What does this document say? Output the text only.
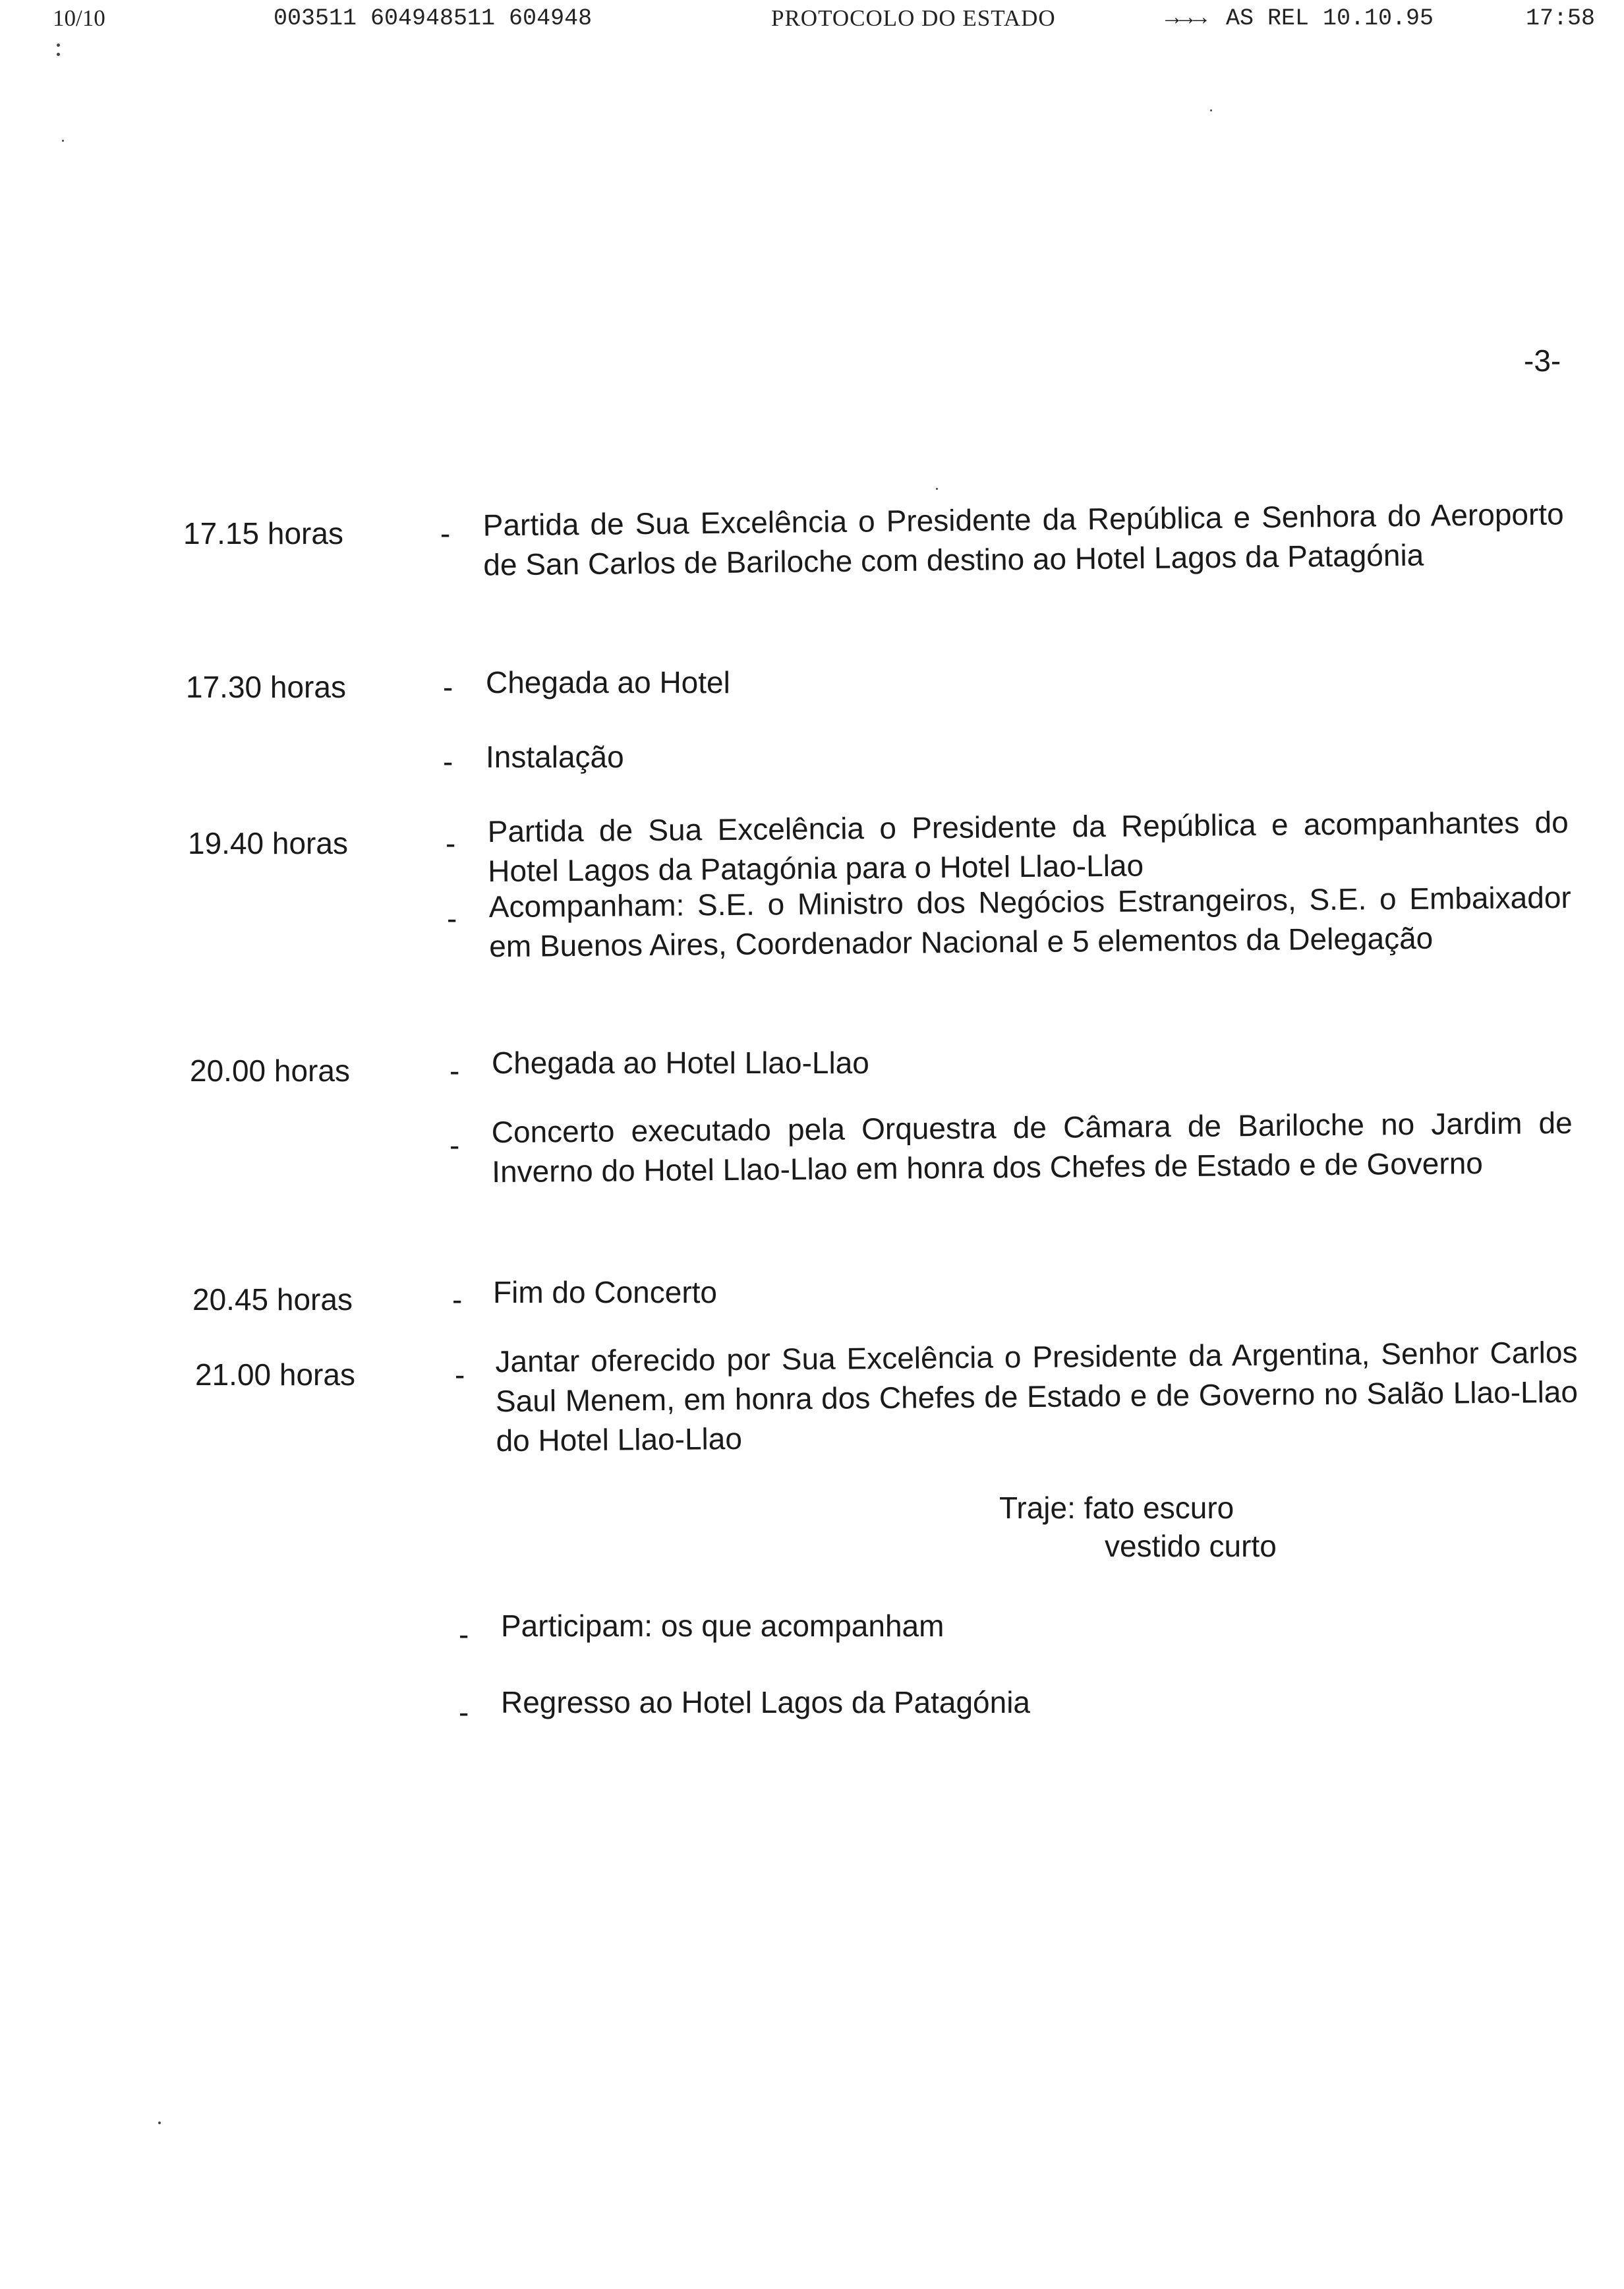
10/10	003511 604948511 604948	PROTOCOLO DO ESTADO	→→→ AS REL 10.10.95	17:58
-3-
17.15 horas	- Partida de Sua Excelência o Presidente da República e Senhora do Aeroporto de San Carlos de Bariloche com destino ao Hotel Lagos da Patagónia
17.30 horas	- Chegada ao Hotel
- Instalação
19.40 horas	- Partida de Sua Excelência o Presidente da República e acompanhantes do Hotel Lagos da Patagónia para o Hotel Llao-Llao
- Acompanham: S.E. o Ministro dos Negócios Estrangeiros, S.E. o Embaixador em Buenos Aires, Coordenador Nacional e 5 elementos da Delegação
20.00 horas	- Chegada ao Hotel Llao-Llao
- Concerto executado pela Orquestra de Câmara de Bariloche no Jardim de Inverno do Hotel Llao-Llao em honra dos Chefes de Estado e de Governo
20.45 horas	- Fim do Concerto
21.00 horas	- Jantar oferecido por Sua Excelência o Presidente da Argentina, Senhor Carlos Saul Menem, em honra dos Chefes de Estado e de Governo no Salão Llao-Llao do Hotel Llao-Llao
- Participam: os que acompanham
- Regresso ao Hotel Lagos da Patagónia
Traje: fato escuro
vestido curto
